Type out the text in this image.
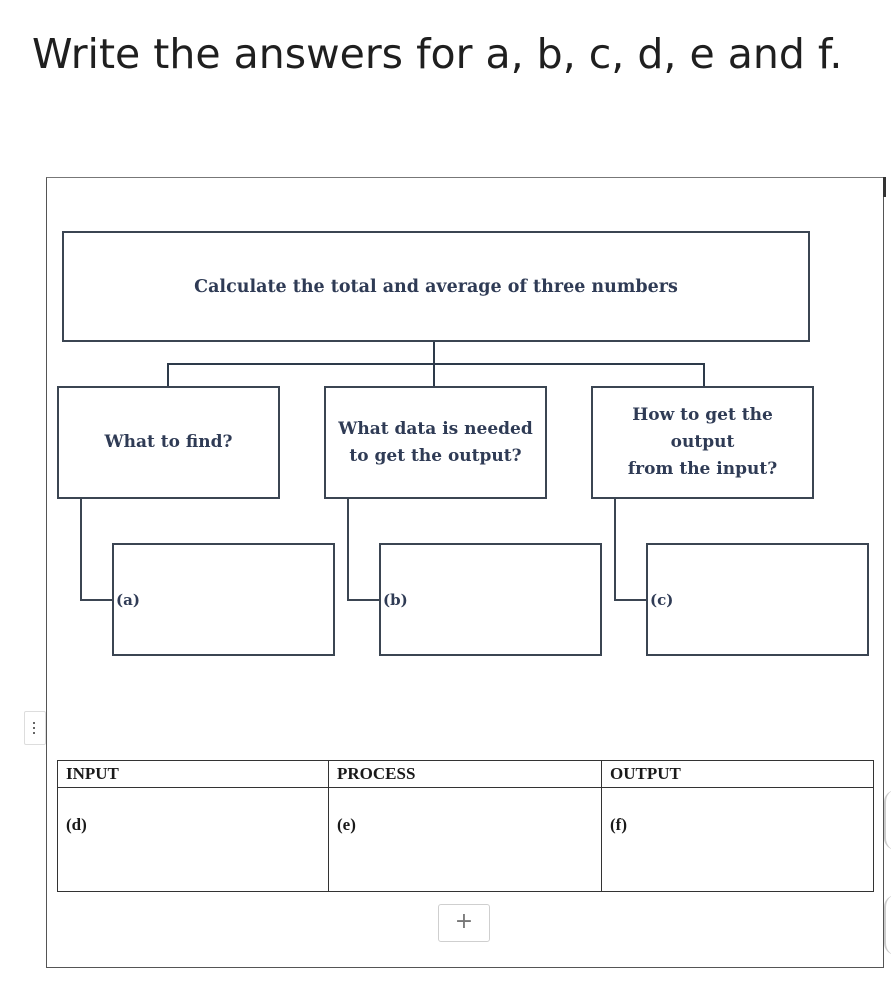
Write the answers for a, b, c, d, e and f.
Calculate the total and average of three numbers
What to find?
What data is needed
to get the output?
How to get the output
from the input?
(a)	(b)	(c)
INPUT	PROCESS	OUTPUT
(d)	(e)	(f)
+
